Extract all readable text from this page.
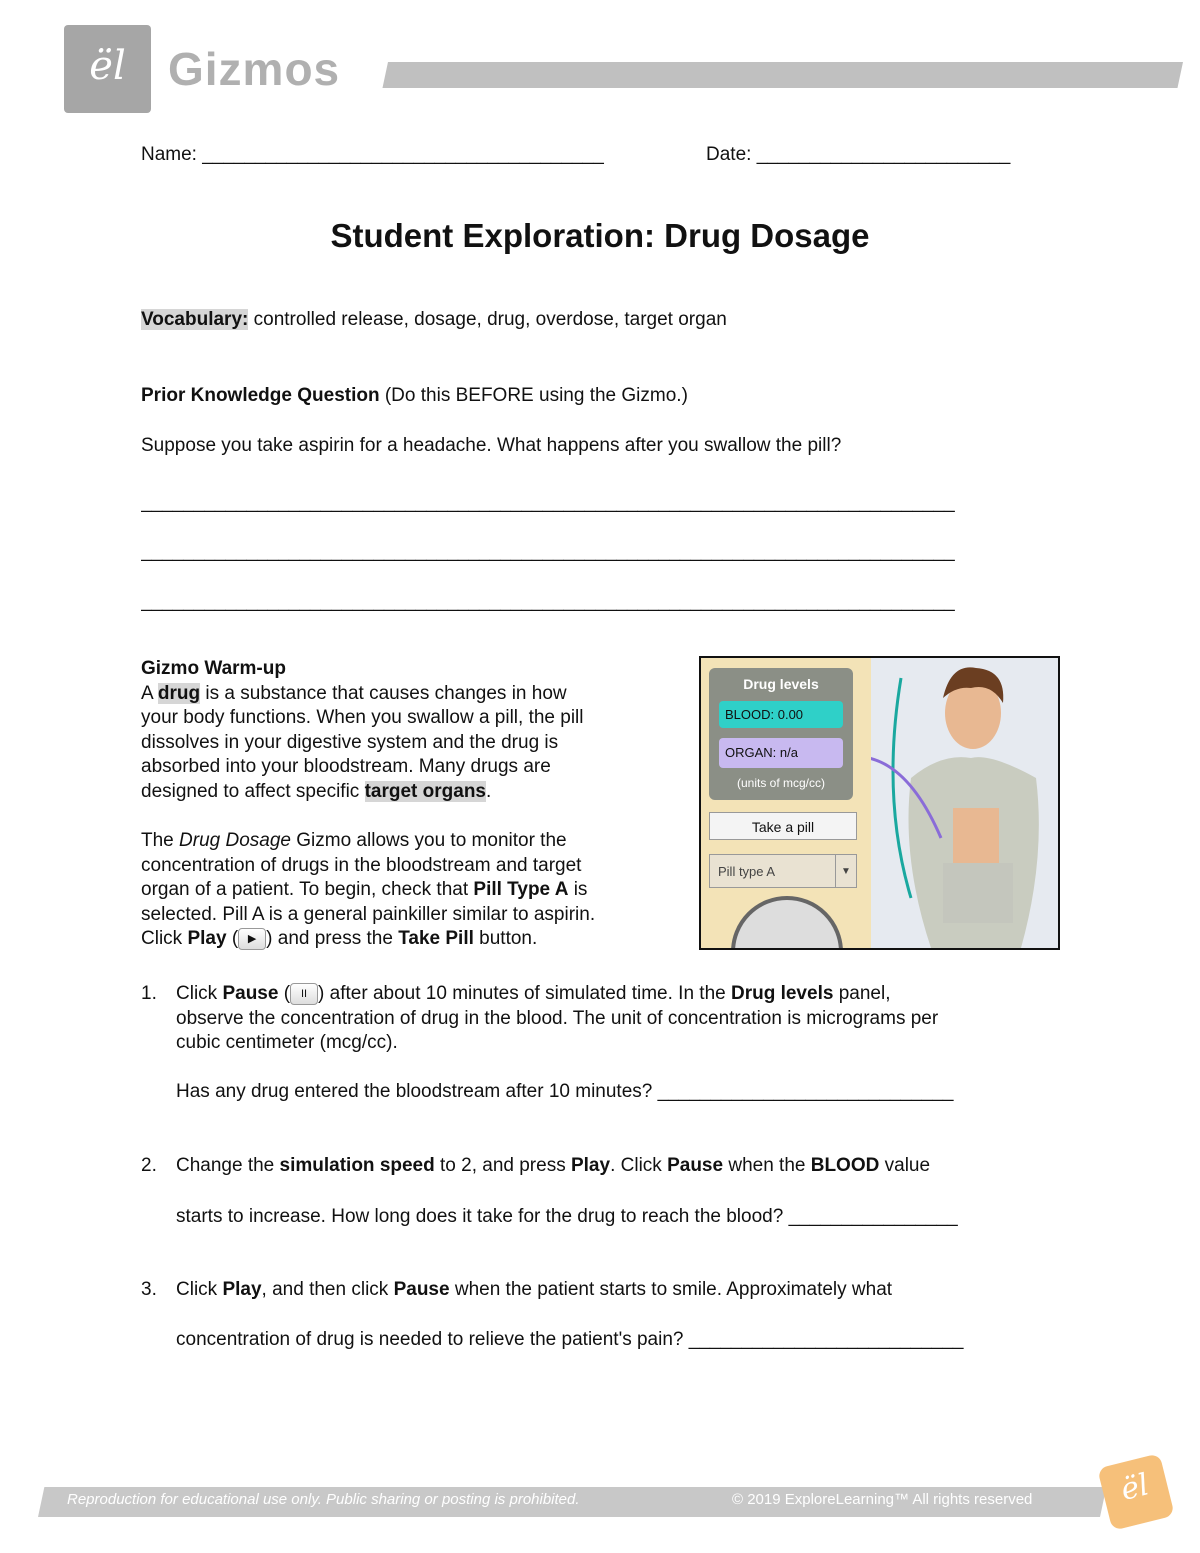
ël Gizmos
Name: ______________________________________	Date: ________________________
Student Exploration: Drug Dosage
Vocabulary: controlled release, dosage, drug, overdose, target organ
Prior Knowledge Question (Do this BEFORE using the Gizmo.)
Suppose you take aspirin for a headache. What happens after you swallow the pill?
_____________________________________________________________________________
_____________________________________________________________________________
_____________________________________________________________________________
Gizmo Warm-up
A drug is a substance that causes changes in how
your body functions. When you swallow a pill, the pill
dissolves in your digestive system and the drug is
absorbed into your bloodstream. Many drugs are
designed to affect specific target organs.
The Drug Dosage Gizmo allows you to monitor the
concentration of drugs in the bloodstream and target
organ of a patient. To begin, check that Pill Type A is
selected. Pill A is a general painkiller similar to aspirin.
Click Play ( ▶ ) and press the Take Pill button.
Drug levels
BLOOD: 0.00
ORGAN: n/a
(units of mcg/cc)
Take a pill
Pill type A	▼
1. Click Pause ( II ) after about 10 minutes of simulated time. In the Drug levels panel,
observe the concentration of drug in the blood. The unit of concentration is micrograms per
cubic centimeter (mcg/cc).
Has any drug entered the bloodstream after 10 minutes? ____________________________
2. Change the simulation speed to 2, and press Play. Click Pause when the BLOOD value
starts to increase. How long does it take for the drug to reach the blood? ________________
3. Click Play, and then click Pause when the patient starts to smile. Approximately what
concentration of drug is needed to relieve the patient's pain? __________________________
Reproduction for educational use only. Public sharing or posting is prohibited.	© 2019 ExploreLearning™ All rights reserved	ël
